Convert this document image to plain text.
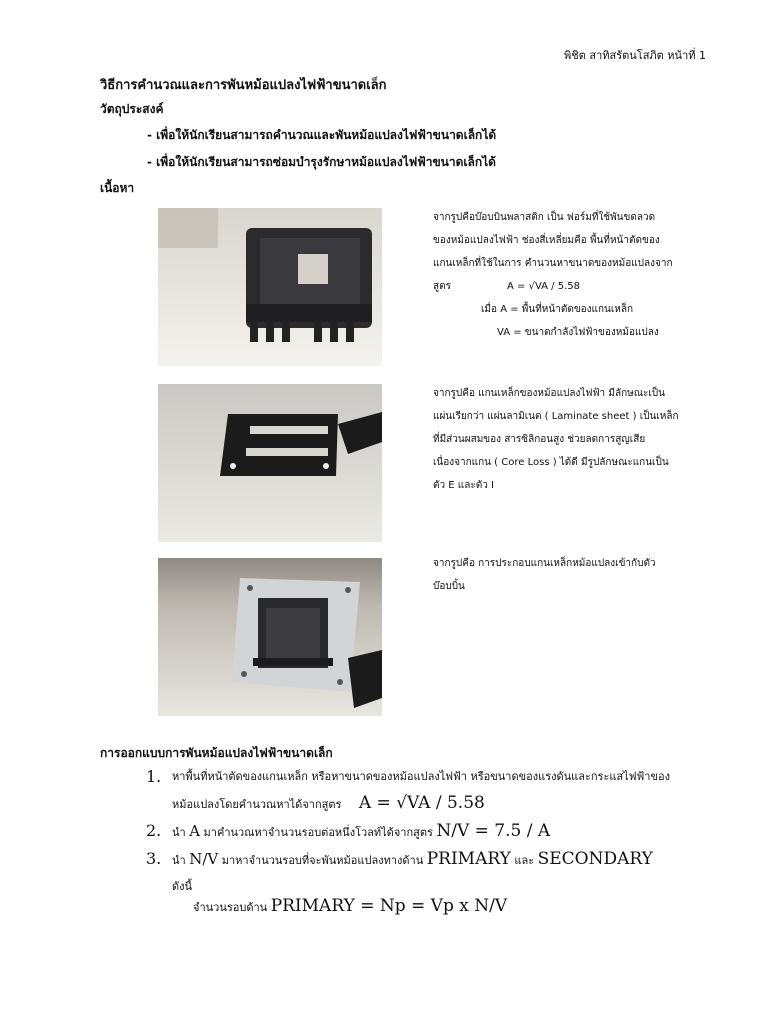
พิชิต สาทิสรัตนโสภิต หน้าที่ 1
วิธีการคำนวณและการพันหม้อแปลงไฟฟ้าขนาดเล็ก
วัตถุประสงค์
- เพื่อให้นักเรียนสามารถคำนวณและพันหม้อแปลงไฟฟ้าขนาดเล็กได้
- เพื่อให้นักเรียนสามารถซ่อมบำรุงรักษาหม้อแปลงไฟฟ้าขนาดเล็กได้
เนื้อหา
จากรูปคือบ๊อบบินพลาสติก เป็น ฟอร์มที่ใช้พันขดลวด
ของหม้อแปลงไฟฟ้า ช่องสี่เหลี่ยมคือ พื้นที่หน้าตัดของ
แกนเหล็กที่ใช้ในการ คำนวนหาขนาดของหม้อแปลงจาก
สูตร	A = √VA / 5.58
เมื่อ A = พื้นที่หน้าตัดของแกนเหล็ก
VA = ขนาดกำลังไฟฟ้าของหม้อแปลง
จากรูปคือ แกนเหล็กของหม้อแปลงไฟฟ้า มีลักษณะเป็น
แผ่นเรียกว่า แผ่นลามิเนต ( Laminate sheet ) เป็นเหล็ก
ที่มีส่วนผสมของ สารซิลิกอนสูง ช่วยลดการสูญเสีย
เนื่องจากแกน ( Core Loss ) ได้ดี มีรูปลักษณะแกนเป็น
ตัว E และตัว I
จากรูปคือ การประกอบแกนเหล็กหม้อแปลงเข้ากับตัว
บ๊อบบิ้น
การออกแบบการพันหม้อแปลงไฟฟ้าขนาดเล็ก
1. หาพื้นที่หน้าตัดของแกนเหล็ก หรือหาขนาดของหม้อแปลงไฟฟ้า หรือขนาดของแรงดันและกระแสไฟฟ้าของ
หม้อแปลงโดยคำนวณหาได้จากสูตร A = √VA / 5.58
2. นำ A มาคำนวณหาจำนวนรอบต่อหนึ่งโวลท์ได้จากสูตร N/V = 7.5 / A
3. นำ N/V มาหาจำนวนรอบที่จะพันหม้อแปลงทางด้าน PRIMARY และ SECONDARY
ดังนี้
จำนวนรอบด้าน PRIMARY = Np = Vp x N/V
